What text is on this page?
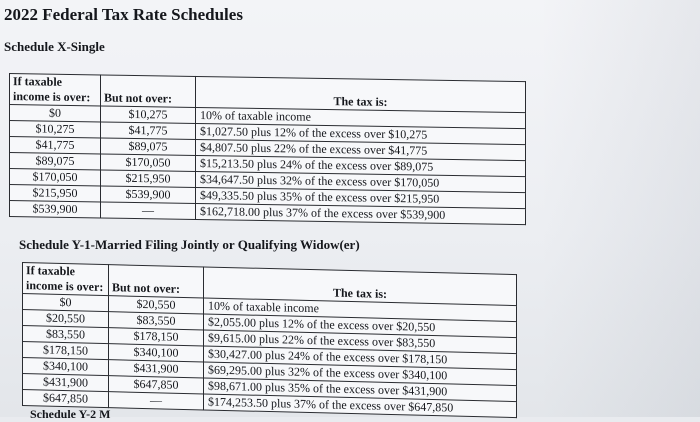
2022 Federal Tax Rate Schedules
Schedule X-Single
If taxable
income is over:	But not over:	The tax is:
$0	$10,275	10% of taxable income
$10,275	$41,775	$1,027.50 plus 12% of the excess over $10,275
$41,775	$89,075	$4,807.50 plus 22% of the excess over $41,775
$89,075	$170,050	$15,213.50 plus 24% of the excess over $89,075
$170,050	$215,950	$34,647.50 plus 32% of the excess over $170,050
$215,950	$539,900	$49,335.50 plus 35% of the excess over $215,950
$539,900	—	$162,718.00 plus 37% of the excess over $539,900
Schedule Y-1-Married Filing Jointly or Qualifying Widow(er)
If taxable
income is over:	But not over:	The tax is:
$0	$20,550	10% of taxable income
$20,550	$83,550	$2,055.00 plus 12% of the excess over $20,550
$83,550	$178,150	$9,615.00 plus 22% of the excess over $83,550
$178,150	$340,100	$30,427.00 plus 24% of the excess over $178,150
$340,100	$431,900	$69,295.00 plus 32% of the excess over $340,100
$431,900	$647,850	$98,671.00 plus 35% of the excess over $431,900
$647,850	—	$174,253.50 plus 37% of the excess over $647,850
Schedule Y-2 M
